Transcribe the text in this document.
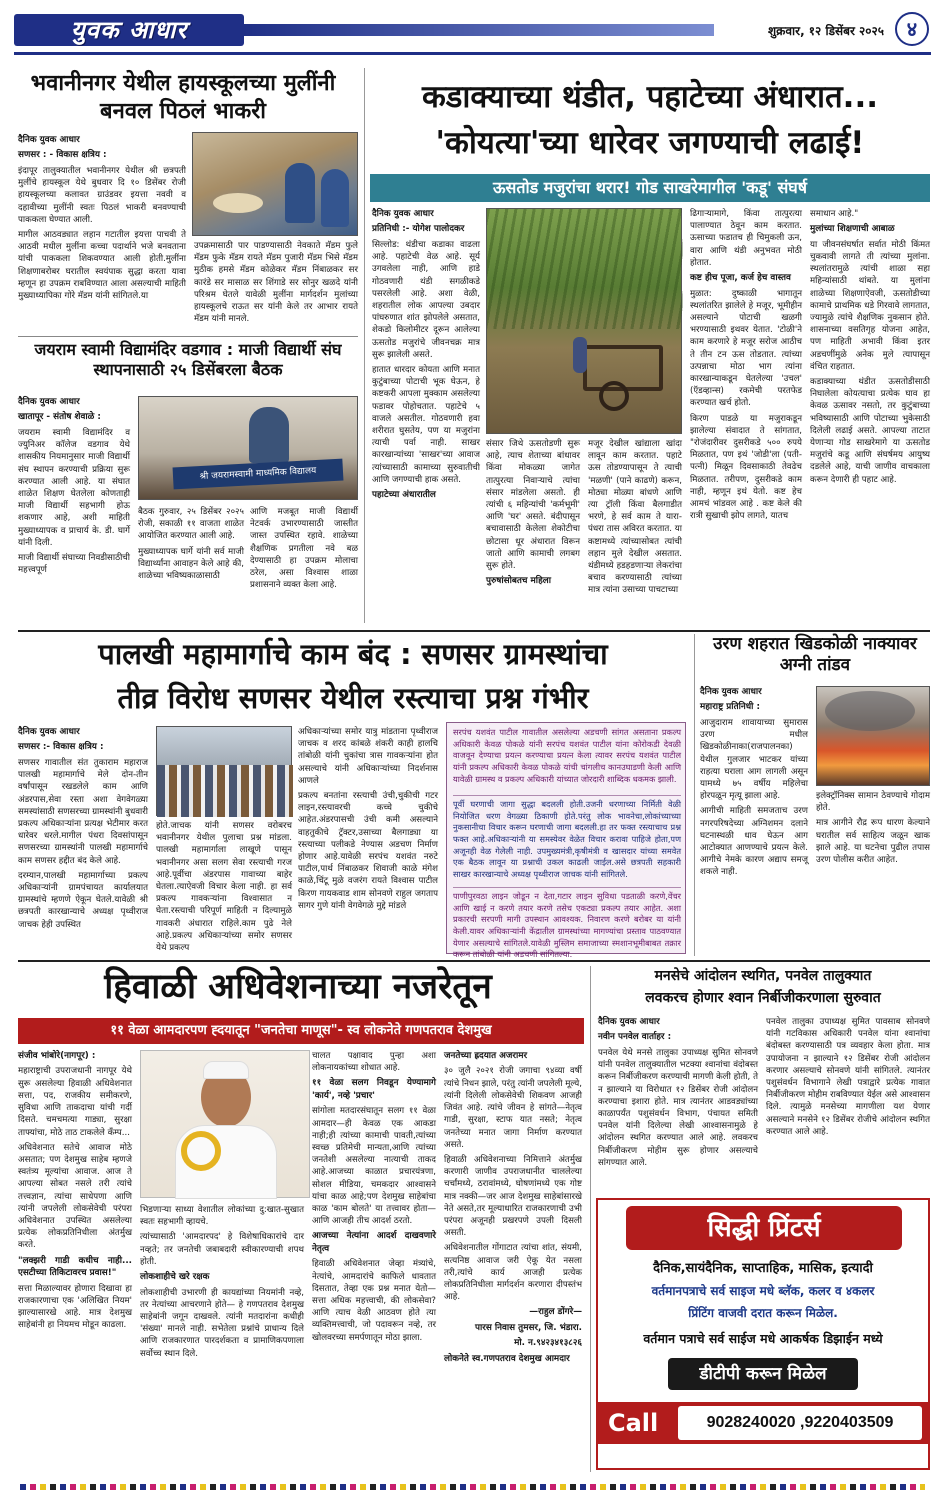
युवक आधार	शुक्रवार, १२ डिसेंबर २०२५	४
भवानीनगर येथील हायस्कूलच्या मुलींनी बनवल पिठलं भाकरी

दैनिक युवक आधार

सणसर : - विकास क्षत्रिय :

इंदापूर तालुक्यातील भवानीनगर येथील श्री छत्रपती मुलींचे हायस्कूल येथे बुधवार दि १० डिसेंबर रोजी हायस्कूलच्या कलावत ग्राउंडवर इयत्ता नववी व दहावीच्या मुलींनी स्वतः पिठलं भाकरी बनवण्याची पाककला घेण्यात आली.

मागील आठवड्यात लहान गटातील इयत्ता पाचवी ते आठवी मधील मुलींना कच्चा पदार्थाने भजे बनवताना यांची पाककला शिकवण्यात आली होती.मुलींना शिक्षणाबरोबर घरातील स्वयंपाक सुद्धा करता यावा म्हणून हा उपक्रम राबविण्यात आला असल्याची माहिती मुख्याध्यापिका गोरे मॅडम यांनी सांगितले.या

उपक्रमासाठी पार पाडण्यासाठी नेवकाते मॅडम फुले मॅडम फुके मॅडम रायते मॅडम पुजारी मॅडम भिसे मॅडम मुठीक हमसे मॅडम कोळेकर मॅडम निंबाळकर सर कारंडे सर मासाळ सर शिंगाडे सर सोनुर खळदे यांनी परिश्रम घेतले यावेळी मुलींना मार्गदर्शन मुलांच्या हायस्कूलचे राऊत सर यांनी केले तर आभार रायते मॅडम यांनी मानले.

जयराम स्वामी विद्यामंदिर वडगाव : माजी विद्यार्थी संघ स्थापनासाठी २५ डिसेंबरला बैठक

दैनिक युवक आधार

खातापूर - संतोष शेवाळे :

जयराम स्वामी विद्यामंदिर व ज्युनिअर कॉलेज वडगाव येथे शासकीय नियमानुसार माजी विद्यार्थी संघ स्थापन करण्याची प्रक्रिया सुरू करण्यात आली आहे. या संघात शाळेत शिक्षण घेतलेला कोणताही माजी विद्यार्थी सहभागी होऊ शकणार आहे, अशी माहिती मुख्याध्यापक व प्राचार्य के. डी. घार्गे यांनी दिली.

माजी विद्यार्थी संघाच्या निवडीसाठीची महत्त्वपूर्ण

श्री जयरामस्वामी माध्यमिक विद्यालय

बैठक गुरुवार, २५ डिसेंबर २०२५ रोजी, सकाळी ११ वाजता शाळेत आयोजित करण्यात आली आहे.

मुख्याध्यापक घार्गे यांनी सर्व माजी विद्यार्थ्यांना आवाहन केले आहे की, शाळेच्या भविष्यकाळासाठी

आणि मजबूत माजी विद्यार्थी नेटवर्क उभारण्यासाठी जास्तीत जास्त उपस्थित रहावे. शाळेच्या शैक्षणिक प्रगतीला नवे बळ देण्यासाठी हा उपक्रम मोलाचा ठरेल, असा विश्वास शाळा प्रशासनाने व्यक्त केला आहे.

कडाक्याच्या थंडीत, पहाटेच्या अंधारात...
'कोयत्या'च्या धारेवर जगण्याची लढाई!
ऊसतोड मजुरांचा थरार! गोड साखरेमागील 'कडू' संघर्ष

दैनिक युवक आधार

प्रतिनिधी :- योगेश पालोदकर

सिल्लोड: थंडीचा कडाका वाढला आहे. पहाटेची वेळ आहे. सूर्य उगवलेला नाही, आणि हाडे गोठवणारी थंडी सगळीकडे पसरलेली आहे. अशा वेळी, शहरातील लोक आपल्या उबदार पांघरुणात शांत झोपलेले असतात, शेकडो किलोमीटर दूरून आलेल्या ऊसतोड मजुरांचे जीवनचक्र मात्र सुरू झालेली असते.

हातात धारदार कोयता आणि मनात कुटुंबाच्या पोटाची भूक घेऊन, हे कष्टकरी आपला मुक्काम असलेल्या फडावर पोहोचतात. पहाटेचे ५ वाजले असतील. गोठवणारी हवा शरीरात घुसतेय, पण या मजुरांना त्याची पर्वा नाही. साखर कारखान्यांच्या 'साखर'च्या आवाज त्यांच्यासाठी कामाच्या सुरुवातीची आणि जगण्याची हाक असते.

पहाटेच्या अंधारातील

संसार जिथे ऊसतोडणी सुरू आहे, त्याच शेताच्या बांधावर किंवा मोकळ्या जागेत तात्पुरत्या निवाऱ्याचे त्यांचा संसार मांडलेला असतो. ही त्यांची ६ महिन्यांची 'कर्मभूमी' आणि 'घर' असते. बंदीपासून बचावासाठी केलेला शेकोटीचा छोटासा धूर अंधारात विरून जातो आणि कामाची लगबग सुरू होते.

पुरुषांसोबतच महिला

मजूर देखील खांद्याला खांदा लावून काम करतात. पहाटे ऊस तोडण्यापासून ते त्याची 'मळणी' (पाने काढणे) करून, मोठ्या मोळ्या बांधणे आणि त्या ट्रॉली किंवा बैलगाडीत भरणे, हे सर्व काम ते यारा-पंधरा तास अविरत करतात. या कष्टामध्ये त्यांच्यासोबत त्यांची लहान मुले देखील असतात. थंडीमध्ये हडहडणाऱ्या लेकरांचा बचाव करण्यासाठी त्यांच्या मात्र त्यांना उसाच्या पाचटाच्या

ढिगाऱ्यामागे, किंवा तात्पुरत्या पालाण्यात ठेवून काम करतात. ऊसाच्या फडातच ही चिमुकली ऊन, वारा आणि थंडी अनुभवत मोठी होतात.

कष्ट हीच पूजा, कर्ज हेच वास्तव

मुळात: दुष्काळी भागातून स्थलांतरित झालेले हे मजूर, भूमीहीन असल्याने पोटाची खळगी भरण्यासाठी इथवर येतात. 'टोळी'ने काम करणारे हे मजूर सरोज आठीच ते तीन टन ऊस तोडतात. त्यांच्या उत्पन्नाचा मोठा भाग त्यांना कारखान्याकडून घेतलेल्या 'उचल' (ऍडव्हान्स) रकमेची परतफेड करण्यात खर्च होतो.

किरण पाडळे या मजुराकडून झालेल्या संवादात ते सांगतात, "रोजंदारीवर दुसरीकडे ५०० रुपये मिळतात, पण इथं 'जोडी'ला (पती-पत्नी) मिळून दिवसाकाठी तेवढेच मिळतात. तरीपण, दुसरीकडे काम नाही, म्हणून इथं येतो. कष्ट हेच आमचं भांडवल आहे . कष्ट केले की रात्री सुखाची झोप लागते, यातच

समाधान आहे."

मुलांच्या शिक्षणाची आबाळ

या जीवनसंघर्षात सर्वात मोठी किंमत चुकवावी लागते ती त्यांच्या मुलांना. स्थलांतरामुळे त्यांची शाळा सहा महिन्यांसाठी थांबते. या मुलांना शाळेच्या शिक्षणाऐवजी, ऊसतोडीच्या कामाचे प्राथमिक धडे गिरवावे लागतात, ज्यामुळे त्यांचे शैक्षणिक नुकसान होते. शासनाच्या वसतिगृह योजना आहेत, पण माहिती अभावी किंवा इतर अडचणींमुळे अनेक मुले त्यापासून वंचित राहतात.

कडाक्याच्या थंडीत ऊसतोडीसाठी निघालेला कोयत्याचा प्रत्येक घाव हा केवळ ऊसावर नसतो, तर कुटुंबाच्या भविष्यासाठी आणि पोटाच्या भुकेसाठी दिलेली लढाई असते. आपल्या ताटात येणाऱ्या गोड साखरेमागे या ऊसतोड मजुरांचे कडू आणि संघर्षमय आयुष्य दडलेले आहे, याची जाणीव वाचकाला करून देणारी ही पहाट आहे.

पालखी महामार्गाचे काम बंद : सणसर ग्रामस्थांचा
तीव्र विरोध सणसर येथील रस्त्याचा प्रश्न गंभीर

दैनिक युवक आधार

सणसर :- विकास क्षत्रिय :

सणसर गावातील संत तुकाराम महाराज पालखी महामार्गाचे मेले दोन-तीन वर्षांपासून रखडलेले काम आणि अंडरपास,सेवा रस्ता अशा वेगवेगळ्या समस्यांसाठी सणसरच्या ग्रामस्थांनी बुधवारी प्रकल्प अधिकाऱ्यांना प्रत्यक्ष भेटीमार करत धारेवर धरले.मागील पंधरा दिवसांपासून सणसरच्या ग्रामस्थांनी पालखी महामार्गाचे काम सणसर हद्दीत बंद केले आहे.

दरम्यान,पालखी महामार्गाच्या प्रकल्प अधिकाऱ्यांनी ग्रामपंचायत कार्यालयात ग्रामस्थांचे म्हणणे ऐकून घेतले.यावेळी श्री छत्रपती कारखान्याचे अध्यक्ष पृथ्वीराज जाचक हेही उपस्थित

होते.जाचक यांनी सणसर वरोबरच भवानीनगर येथील पुलाचा प्रश्न मांडला. पालखी महामार्गाला लाखूणे पासून भवानीनगर असा सलग सेवा रस्त्याची गरज आहे.पूर्वीचा अंडरपास गावाच्या बाहेर घेतला.त्याऐवजी विचार केला नाही. हा सर्व प्रकल्प गावकऱ्यांना विश्वासात न घेता.रस्त्याची परिपूर्ण माहिती न दिल्यामुळे गावकरी अंधारात राहिले.काम पुढे नेले आहे.प्रकल्प अधिकाऱ्यांच्या समोर सणसर येथे प्रकल्प

अधिकाऱ्यांच्या समोर यात्रु मांडताना पृथ्वीराज जाचक व शरद कांबळे शंकरी काही हालचि तांबोळी यांनी चुकांचा त्रास गावकऱ्यांना होत असल्याचे यांनी अधिकाऱ्यांच्या निदर्शनास आणले

प्रकल्प बनतांना रस्त्याची उंची,चुकीची गटर लाइन,रस्त्यावरची कच्चे चुकीचे आहेत.अंडरपासची उंची कमी असल्याने वाहतुकीचे ट्रॅक्टर,उसाच्या बैलगाड्या या रस्त्याच्या पलीकडे नेण्यास अडचण निर्माण होणार आहे.यावेळी सरपंच यशवंत नरुटे पाटील,पार्थ निंबाळकर शिवाजी काळे मंगेश काळे,चिंटू मुळे वजरंग रायते विश्वास पाटील किरण गायकवाड शाम सोनवणे राहुल जगताप सागर गुणे यांनी वेगवेगळे मुद्दे मांडले

सरपंच यशवंत पाटील गावातील असलेल्या अडचणी सांगत असताना प्रकल्प अधिकारी केवळ पोकळे यांनी सरपंच यशवंत पाटील यांना कोरोकडी देवळी वाजवून देण्याचा प्रयत्न करण्याचा प्रयत्न केला त्यावर सरपंच यशवंत पाटील यांनी प्रकल्प अधिकारी केवळ पोकळे यांची चांगलीच कानउघाडणी केली आणि यावेळी ग्रामस्थ व प्रकल्प अधिकारी यांच्यात जोरदारी शाब्दिक धकमक झाली.

पूर्वी घरणाची जागा सुद्धा बदलली होती.उजनी धरणाच्या निर्मिती वेळी नियोजित धरण वेगळ्या ठिकाणी होते.परंतु लोक भावनेचा,लोकांच्याच्या नुकसानीचा विचार करून घरणाची जागा बदलली.हा तर फक्त रस्त्याचाच प्रश्न फक्त आहे.अधिकाऱ्यांनी या समस्येवर वेळेत विचार करावा पाहिजे होता,पण अजूनही वेळ गेलेली नाही. उपमुख्यमंत्री,कृषीमंत्री व खासदार यांच्या समवेत एक बैठक लावून या प्रश्नाची उकल काढली जाईल.असे छत्रपती सहकारी साखर कारखान्याचे अध्यक्ष पृथ्वीराज जाचक यांनी सांगितले.

पाणीपुरवठा लाइन जोडून न देता,गटार लाइन सुविधा पडताळी करणे,वेंचर आणि खाई न करणे तयार करणे तसेच एकट्या प्रकल्प तयार आहेत. अशा प्रकारची सरपणी मागी उपस्थान आवश्यक. निवारण करणे बरोबर या यांनी केली.यावर अधिकाऱ्यांनी केंद्रातील ग्रामस्थांच्या मागण्यांचा प्रस्ताव पाठवण्यात येणार असल्याचे सांगितले.यावेळी मुस्लिम समाजाच्या स्मशानभूमीबाबत तक्रार करून तांबोळी यांनी अडचणी सांगितल्या.

उरण शहरात खिडकोळी नाक्यावर अग्नी तांडव

दैनिक युवक आधार

महाराष्ट्र प्रतिनिधी :

आजुदाराम शावायाच्या सुमारास उरण मधील खिडकोळीनाका(राजपालनका) येथील गुलजार भाटकर यांच्या राहत्या घराला आग लागली असून यामध्ये ७५ वर्षीय महिलेचा होरपळून मृत्यू झाला आहे.

आगीची माहिती समजताच उरण नगरपरिषदेच्या अग्निशमन दलाने घटनास्थळी धाव घेऊन आग आटोक्यात आणण्याचे प्रयत्न केले. आगीचे नेमके कारण अद्याप समजू शकले नाही.

इलेक्ट्रॉनिक्स सामान ठेवण्याचे गोदाम होते.

मात्र आगीने रौद्र रूप धारण केल्याने घरातील सर्व साहित्य जळून खाक झाले आहे. या घटनेचा पुढील तपास उरण पोलीस करीत आहेत.

हिवाळी अधिवेशनाच्या नजरेतून
११ वेळा आमदारपण ह्दयातून "जनतेचा माणूस"- स्व लोकनेते गणपतराव देशमुख

संजीव भांबोरे(नागपूर) :

महाराष्ट्राची उपराजधानी नागपूर येथे सुरू असलेल्या हिवाळी अधिवेशनात सत्ता, पद, राजकीय समीकरणे, सुविधा आणि ताकदाचा यांची गर्दी दिसते. चमचमत्या गाड्या, सुरक्षा ताफ्यांचा, मोठे ताठ टाकलेले कँम्प...

अधिवेशनात सतेचे आवाज मोठे असतात; पण देशमुख साहेब म्हणजे स्वतंत्र्य मूल्यांचा आवाज. आज ते आपल्या सोबत नसले तरी त्यांचे तत्त्वज्ञान, त्यांचा साधेपणा आणि त्यांनी जपलेली लोकसेवेची परंपरा अधिवेशनात उपस्थित असलेल्या प्रत्येक लोकप्रतिनिधीला अंतर्मुख करते.

"लक्झरी गाडी कधीच नाही... एसटीच्या तिकिटावरच प्रवास!"

सत्ता मिळाल्यावर होणारा दिखावा हा राजकारणाचा एक 'अलिखित नियम' झाल्यासारखे आहे. मात्र देशमुख साहेबांनी हा नियमच मोडून काढला.

भिडणाऱ्या साध्या वेशातील लोकांच्या दु:खात-सुखात स्वतः सहभागी व्हायचे.

त्यांच्यासाठी 'आमदारपद' हे विशेषाधिकारांचे दार नव्हते; तर जनतेची जबाबदारी स्वीकारण्याची शपथ होती.

लोकशाहीचे खरे रक्षक

लोकशाहीची उभारणी ही कायद्यांच्या नियमांनी नव्हे, तर नेत्यांच्या आचरणाने होते— हे गणपतराव देशमुख साहेबांनी जगून दाखवले. त्यांनी मतदारांना कधीही 'संख्या' मानले नाही. सभेतेला प्रश्नांचे प्राधान्य दिले आणि राजकारणात पारदर्शकता व प्रामाणिकपणाला सर्वोच्च स्थान दिले.

चालत पक्षावाद पुन्हा अशा लोकनायकांच्या शोधात आहे.

११ वेळा सलग निवडून येण्यामागे 'कार्य', नव्हे 'प्रचार'

सांगोला मतदारसंघातून सलग ११ वेळा आमदार—ही केवळ एक आकडा नाही;ही त्यांच्या कामाची पावती,त्यांच्या स्वच्छ प्रतिमेची मान्यता,आणि त्यांच्या जनतेशी असलेल्या नात्याची ताकद आहे.आजच्या काळात प्रचारयंत्रणा, सोशल मीडिया, चमकदार आश्वासने यांचा काळ आहे;पण देशमुख साहेबांचा काळ 'काम बोलते' या तत्त्वावर होता— आणि आजही तीच आदर्श ठरतो.

आजच्या नेत्यांना आदर्श दाखवणारे नेतृत्व

हिवाळी अधिवेशनात जेव्हा मंत्र्यांचे, नेत्यांचे, आमदारांचे काफिले धावतात दिसतात, तेव्हा एक प्रश्न मनात येतो— सत्ता अधिक महत्त्वाची, की लोकसेवा? आणि त्याच वेळी आठवण होते त्या व्यक्तिमत्त्वाची, जो पदावरून नव्हे, तर खोलवरच्या समर्पणातून मोठा झाला.

जनतेच्या ह्रदयात अजरामर

३० जुलै २०२१ रोजी जगाचा ९४व्या वर्षी त्यांचे निधन झाले, परंतु त्यांनी जपलेली मूल्ये, त्यांनी दिलेली लोकसेवेची शिकवण आजही जिवंत आहे. त्यांचे जीवन हे सांगते—नेतृत्व गाडी, सुरक्षा, स्टाफ यात नसते; नेतृत्व जनतेच्या मनात जागा निर्माण करण्यात असते.

हिवाळी अधिवेशनाच्या निमित्ताने अंतर्मुख करणारी जाणीव उपराजधानीत चाललेल्या चर्चांमध्ये, ठरावांमध्ये, घोषणांमध्ये एक गोष्ट मात्र नक्की—जर आज देशमुख साहेबांसारखे नेते असते,तर मूल्याधारित राजकारणाची उभी परंपरा अजूनही प्रखरपणे उपली दिसली असती.

अधिवेशनातील गोंगाटात त्यांचा शांत, संयमी, सत्यनिष्ठ आवाज जरी ऐकू येत नसला तरी,त्यांचे कार्य आजही प्रत्येक लोकप्रतिनिधीला मार्गदर्शन करणारा दीपस्तंभ आहे.

—राहुल डोंगरे—

पारस निवास तुमसर, जि. भंडारा.

मो. न.९४२३४१३८२६

लोकनेते स्व.गणपतराव देशमुख आमदार

मनसेचे आंदोलन स्थगित, पनवेल तालुक्यात
लवकरच होणार श्वान निर्बीजीकरणाला सुरुवात

दैनिक युवक आधार

नवीन पनवेल वार्ताहर :

पनवेल येथे मनसे तालुका उपाध्यक्ष सुमित सोनवणे यांनी पनवेल तालुक्यातील भटक्या श्वानांचा वंदोबस्त करून निर्बीजीकरण करण्याची मागणी केली होती, ते न झाल्याने या विरोधात १२ डिसेंबर रोजी आंदोलन करण्याचा इशारा होते. मात्र त्यानंतर आडवड्यांच्या काळापर्यंत पशुसंवर्धन विभाग, पंचायत समिती पनवेल यांनी दिलेल्या लेखी आश्वासनामुळे हे आंदोलन स्थगित करण्यात आले आहे. लवकरच निर्बीजीकरण मोहीम सुरू होणार असल्याचे सांगण्यात आले.

पनवेल तालुका उपाध्यक्ष सुमित पावसाब सोनवणे यांनी गटविकास अधिकारी पनवेल यांना श्वानांचा बंदोबस्त करण्यासाठी पत्र व्यवहार केला होता. मात्र उपायोजना न झाल्याने १२ डिसेंबर रोजी आंदोलन करणार असल्याचे सोनवणे यांनी सांगितले. त्यानंतर पशुसंवर्धन विभागाने लेखी पत्राद्वारे प्रत्येक गावात निर्बीजीकरण मोहीम राबविण्यात येईल असे आश्वासन दिले. त्यामुळे मनसेच्या मागणीला यश येणार असल्याने मनसेने १२ डिसेंबर रोजीचे आंदोलन स्थगित करण्यात आले आहे.

सिद्धी प्रिंटर्स
दैनिक,सायंदैनिक, साप्ताहिक, मासिक, इत्यादी
वर्तमानपत्राचे सर्व साइज मधे ब्लॅक, कलर व ४कलर
प्रिंटिंग वाजवी दरात करून मिळेल.
वर्तमान पत्राचे सर्व साईज मधे आकर्षक डिझाईन मध्ये
डीटीपी करून मिळेल
Call	9028240020 ,9220403509
